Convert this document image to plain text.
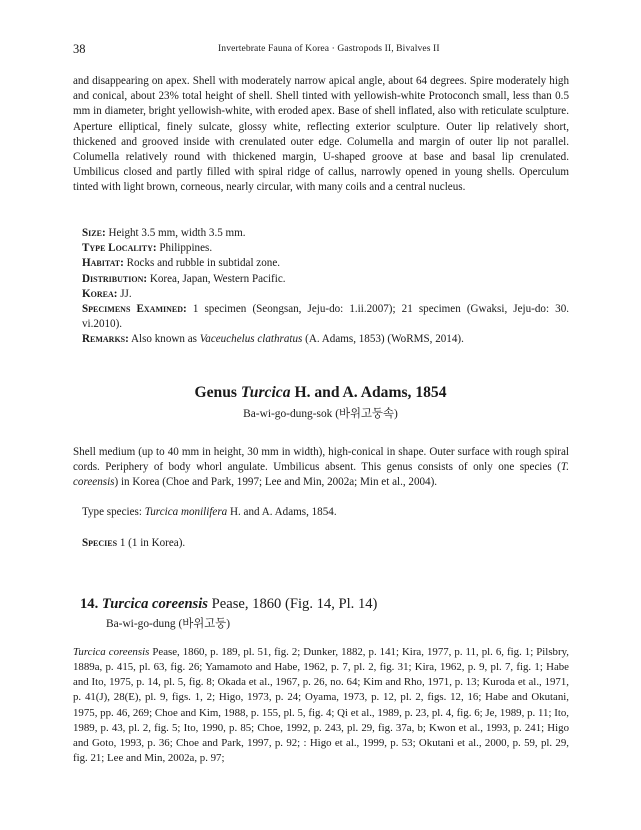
38	Invertebrate Fauna of Korea · Gastropods II, Bivalves II
and disappearing on apex. Shell with moderately narrow apical angle, about 64 degrees. Spire moderately high and conical, about 23% total height of shell. Shell tinted with yellowish-white Protoconch small, less than 0.5 mm in diameter, bright yellowish-white, with eroded apex. Base of shell inflated, also with reticulate sculpture. Aperture elliptical, finely sulcate, glossy white, reflecting exterior sculpture. Outer lip relatively short, thickened and grooved inside with crenulated outer edge. Columella and margin of outer lip not parallel. Columella relatively round with thickened margin, U-shaped groove at base and basal lip crenulated. Umbilicus closed and partly filled with spiral ridge of callus, narrowly opened in young shells. Operculum tinted with light brown, corneous, nearly circular, with many coils and a central nucleus.
Size: Height 3.5 mm, width 3.5 mm.
Type Locality: Philippines.
Habitat: Rocks and rubble in subtidal zone.
Distribution: Korea, Japan, Western Pacific.
Korea: JJ.
Specimens Examined: 1 specimen (Seongsan, Jeju-do: 1.ii.2007); 21 specimen (Gwaksi, Jeju-do: 30. vi.2010).
Remarks: Also known as Vaceuchelus clathratus (A. Adams, 1853) (WoRMS, 2014).
Genus Turcica H. and A. Adams, 1854
Ba-wi-go-dung-sok (바위고둥속)
Shell medium (up to 40 mm in height, 30 mm in width), high-conical in shape. Outer surface with rough spiral cords. Periphery of body whorl angulate. Umbilicus absent. This genus consists of only one species (T. coreensis) in Korea (Choe and Park, 1997; Lee and Min, 2002a; Min et al., 2004).
Type species: Turcica monilifera H. and A. Adams, 1854.
Species 1 (1 in Korea).
14. Turcica coreensis Pease, 1860 (Fig. 14, Pl. 14)
Ba-wi-go-dung (바위고둥)
Turcica coreensis Pease, 1860, p. 189, pl. 51, fig. 2; Dunker, 1882, p. 141; Kira, 1977, p. 11, pl. 6, fig. 1; Pilsbry, 1889a, p. 415, pl. 63, fig. 26; Yamamoto and Habe, 1962, p. 7, pl. 2, fig. 31; Kira, 1962, p. 9, pl. 7, fig. 1; Habe and Ito, 1975, p. 14, pl. 5, fig. 8; Okada et al., 1967, p. 26, no. 64; Kim and Rho, 1971, p. 13; Kuroda et al., 1971, p. 41(J), 28(E), pl. 9, figs. 1, 2; Higo, 1973, p. 24; Oyama, 1973, p. 12, pl. 2, figs. 12, 16; Habe and Okutani, 1975, pp. 46, 269; Choe and Kim, 1988, p. 155, pl. 5, fig. 4; Qi et al., 1989, p. 23, pl. 4, fig. 6; Je, 1989, p. 11; Ito, 1989, p. 43, pl. 2, fig. 5; Ito, 1990, p. 85; Choe, 1992, p. 243, pl. 29, fig. 37a, b; Kwon et al., 1993, p. 241; Higo and Goto, 1993, p. 36; Choe and Park, 1997, p. 92; : Higo et al., 1999, p. 53; Okutani et al., 2000, p. 59, pl. 29, fig. 21; Lee and Min, 2002a, p. 97;
